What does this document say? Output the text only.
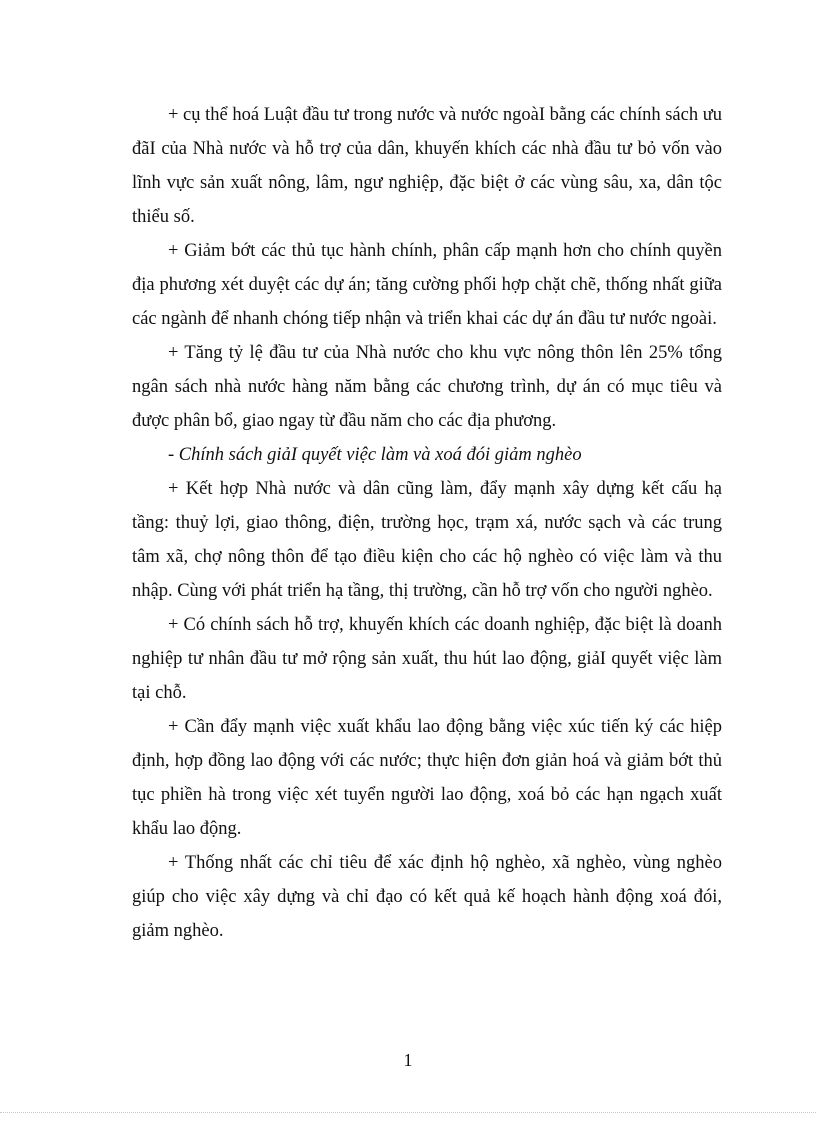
+ cụ thể hoá Luật đầu tư trong nước và nước ngoàI bằng các chính sách ưu đãI của Nhà nước và hỗ trợ của dân, khuyến khích các nhà đầu tư bỏ vốn vào lĩnh vực sản xuất nông, lâm, ngư nghiệp, đặc biệt ở các vùng sâu, xa, dân tộc thiểu số.

+ Giảm bớt các thủ tục hành chính, phân cấp mạnh hơn cho chính quyền địa phương xét duyệt các dự án; tăng cường phối hợp chặt chẽ, thống nhất giữa các ngành để nhanh chóng tiếp nhận và triển khai các dự án đầu tư nước ngoài.

+ Tăng tỷ lệ đầu tư của Nhà nước cho khu vực nông thôn lên 25% tổng ngân sách nhà nước hàng năm bằng các chương trình, dự án có mục tiêu và được phân bổ, giao ngay từ đầu năm cho các địa phương.

- Chính sách giảI quyết việc làm và xoá đói giảm nghèo

+ Kết hợp Nhà nước và dân cũng làm, đẩy mạnh xây dựng kết cấu hạ tầng: thuỷ lợi, giao thông, điện, trường học, trạm xá, nước sạch và các trung tâm xã, chợ nông thôn để tạo điều kiện cho các hộ nghèo có việc làm và thu nhập. Cùng với phát triển hạ tầng, thị trường, cần hỗ trợ vốn cho người nghèo.

+ Có chính sách hỗ trợ, khuyến khích các doanh nghiệp, đặc biệt là doanh nghiệp tư nhân đầu tư mở rộng sản xuất, thu hút lao động, giảI quyết việc làm tại chỗ.

+ Cần đẩy mạnh việc xuất khẩu lao động bằng việc xúc tiến ký các hiệp định, hợp đồng lao động với các nước; thực hiện đơn giản hoá và giảm bớt thủ tục phiền hà trong việc xét tuyển người lao động, xoá bỏ các hạn ngạch xuất khẩu lao động.

+ Thống nhất các chỉ tiêu để xác định hộ nghèo, xã nghèo, vùng nghèo giúp cho việc xây dựng và chỉ đạo có kết quả kế hoạch hành động xoá đói, giảm nghèo.

1
